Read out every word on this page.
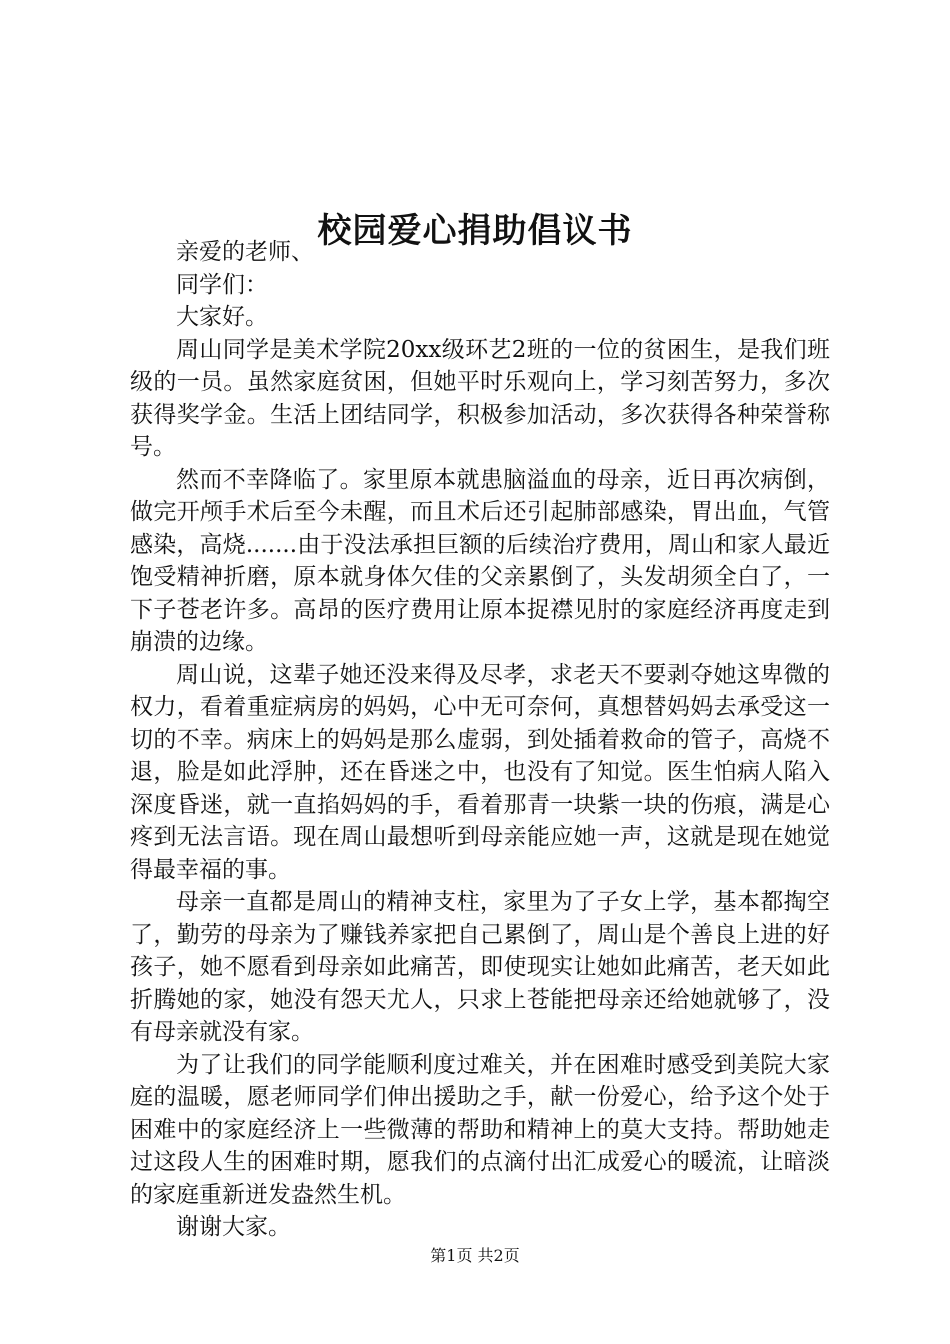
校园爱心捐助倡议书

亲爱的老师、

同学们：

大家好。

周山同学是美术学院20xx级环艺2班的一位的贫困生，是我们班级的一员。虽然家庭贫困，但她平时乐观向上，学习刻苦努力，多次获得奖学金。生活上团结同学，积极参加活动，多次获得各种荣誉称号。

然而不幸降临了。家里原本就患脑溢血的母亲，近日再次病倒，做完开颅手术后至今未醒，而且术后还引起肺部感染，胃出血，气管感染，高烧.......由于没法承担巨额的后续治疗费用，周山和家人最近饱受精神折磨，原本就身体欠佳的父亲累倒了，头发胡须全白了，一下子苍老许多。高昂的医疗费用让原本捉襟见肘的家庭经济再度走到崩溃的边缘。

周山说，这辈子她还没来得及尽孝，求老天不要剥夺她这卑微的权力，看着重症病房的妈妈，心中无可奈何，真想替妈妈去承受这一切的不幸。病床上的妈妈是那么虚弱，到处插着救命的管子，高烧不退，脸是如此浮肿，还在昏迷之中，也没有了知觉。医生怕病人陷入深度昏迷，就一直掐妈妈的手，看着那青一块紫一块的伤痕，满是心疼到无法言语。现在周山最想听到母亲能应她一声，这就是现在她觉得最幸福的事。

母亲一直都是周山的精神支柱，家里为了子女上学，基本都掏空了，勤劳的母亲为了赚钱养家把自己累倒了，周山是个善良上进的好孩子，她不愿看到母亲如此痛苦，即使现实让她如此痛苦，老天如此折腾她的家，她没有怨天尤人，只求上苍能把母亲还给她就够了，没有母亲就没有家。

为了让我们的同学能顺利度过难关，并在困难时感受到美院大家庭的温暖，愿老师同学们伸出援助之手，献一份爱心，给予这个处于困难中的家庭经济上一些微薄的帮助和精神上的莫大支持。帮助她走过这段人生的困难时期，愿我们的点滴付出汇成爱心的暖流，让暗淡的家庭重新迸发盎然生机。

谢谢大家。

第1页 共2页
